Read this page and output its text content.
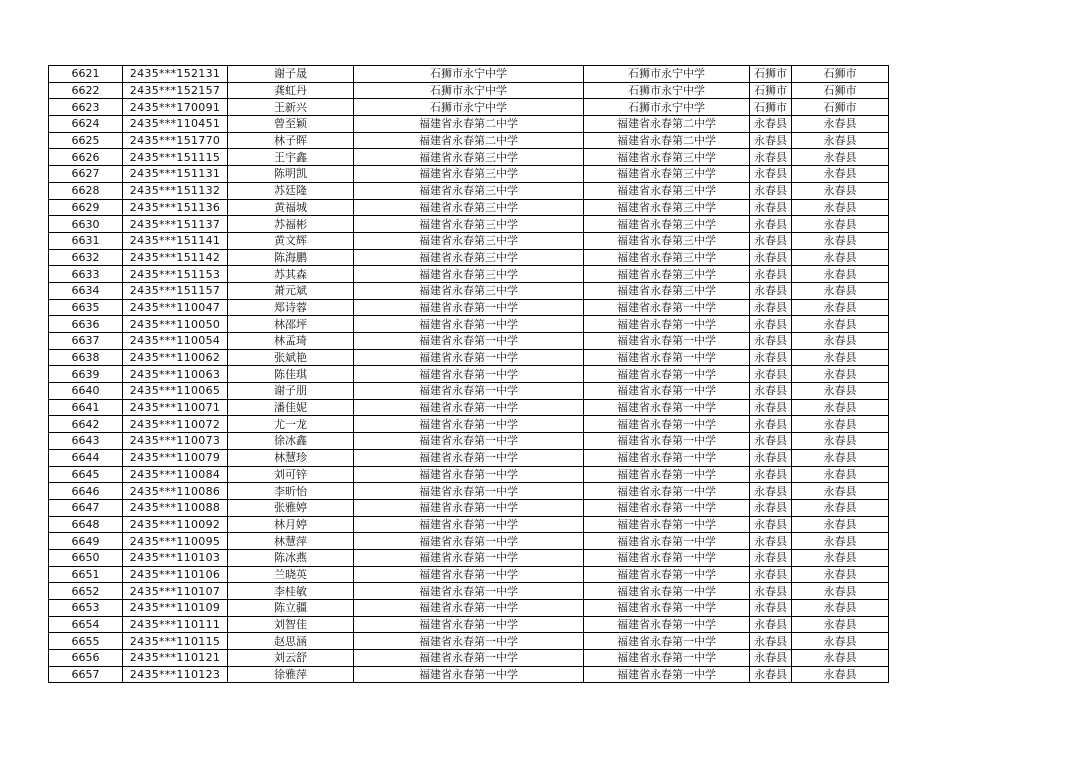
6621	2435***152131	谢子晟	石狮市永宁中学	石狮市永宁中学	石狮市	石狮市
6622	2435***152157	龚虹丹	石狮市永宁中学	石狮市永宁中学	石狮市	石狮市
6623	2435***170091	王新兴	石狮市永宁中学	石狮市永宁中学	石狮市	石狮市
6624	2435***110451	曾至颖	福建省永春第二中学	福建省永春第二中学	永春县	永春县
6625	2435***151770	林子晖	福建省永春第二中学	福建省永春第二中学	永春县	永春县
6626	2435***151115	王宇鑫	福建省永春第三中学	福建省永春第三中学	永春县	永春县
6627	2435***151131	陈明凯	福建省永春第三中学	福建省永春第三中学	永春县	永春县
6628	2435***151132	苏廷隆	福建省永春第三中学	福建省永春第三中学	永春县	永春县
6629	2435***151136	黄福城	福建省永春第三中学	福建省永春第三中学	永春县	永春县
6630	2435***151137	苏福彬	福建省永春第三中学	福建省永春第三中学	永春县	永春县
6631	2435***151141	黄文辉	福建省永春第三中学	福建省永春第三中学	永春县	永春县
6632	2435***151142	陈海鹏	福建省永春第三中学	福建省永春第三中学	永春县	永春县
6633	2435***151153	苏其森	福建省永春第三中学	福建省永春第三中学	永春县	永春县
6634	2435***151157	萧元斌	福建省永春第三中学	福建省永春第三中学	永春县	永春县
6635	2435***110047	郑诗蓉	福建省永春第一中学	福建省永春第一中学	永春县	永春县
6636	2435***110050	林邵坪	福建省永春第一中学	福建省永春第一中学	永春县	永春县
6637	2435***110054	林孟琦	福建省永春第一中学	福建省永春第一中学	永春县	永春县
6638	2435***110062	张斌艳	福建省永春第一中学	福建省永春第一中学	永春县	永春县
6639	2435***110063	陈佳琪	福建省永春第一中学	福建省永春第一中学	永春县	永春县
6640	2435***110065	谢子朋	福建省永春第一中学	福建省永春第一中学	永春县	永春县
6641	2435***110071	潘佳妮	福建省永春第一中学	福建省永春第一中学	永春县	永春县
6642	2435***110072	尤一龙	福建省永春第一中学	福建省永春第一中学	永春县	永春县
6643	2435***110073	徐冰鑫	福建省永春第一中学	福建省永春第一中学	永春县	永春县
6644	2435***110079	林慧珍	福建省永春第一中学	福建省永春第一中学	永春县	永春县
6645	2435***110084	刘可锌	福建省永春第一中学	福建省永春第一中学	永春县	永春县
6646	2435***110086	李昕怡	福建省永春第一中学	福建省永春第一中学	永春县	永春县
6647	2435***110088	张雅婷	福建省永春第一中学	福建省永春第一中学	永春县	永春县
6648	2435***110092	林月婷	福建省永春第一中学	福建省永春第一中学	永春县	永春县
6649	2435***110095	林慧萍	福建省永春第一中学	福建省永春第一中学	永春县	永春县
6650	2435***110103	陈冰燕	福建省永春第一中学	福建省永春第一中学	永春县	永春县
6651	2435***110106	兰晓英	福建省永春第一中学	福建省永春第一中学	永春县	永春县
6652	2435***110107	李桂敏	福建省永春第一中学	福建省永春第一中学	永春县	永春县
6653	2435***110109	陈立疆	福建省永春第一中学	福建省永春第一中学	永春县	永春县
6654	2435***110111	刘智佳	福建省永春第一中学	福建省永春第一中学	永春县	永春县
6655	2435***110115	赵思涵	福建省永春第一中学	福建省永春第一中学	永春县	永春县
6656	2435***110121	刘云舒	福建省永春第一中学	福建省永春第一中学	永春县	永春县
6657	2435***110123	徐雅萍	福建省永春第一中学	福建省永春第一中学	永春县	永春县
